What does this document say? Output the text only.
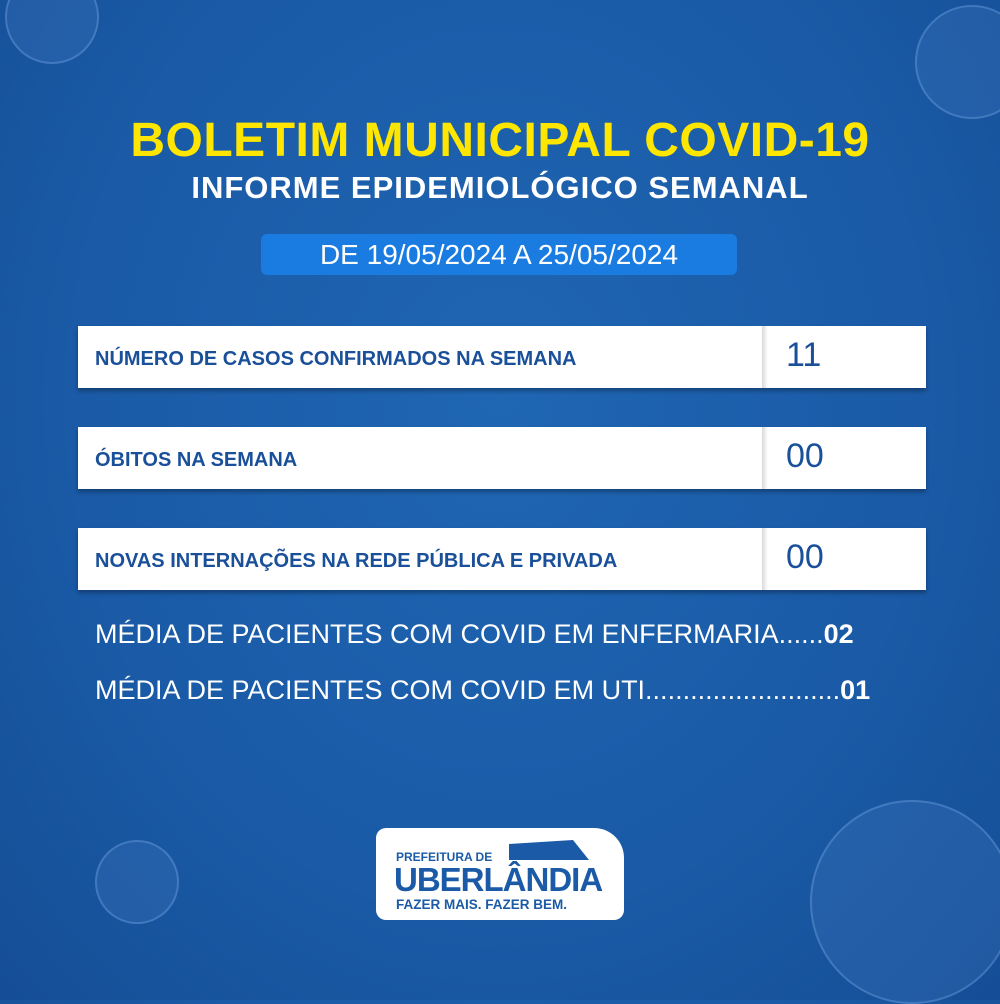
BOLETIM MUNICIPAL COVID-19
INFORME EPIDEMIOLÓGICO SEMANAL
DE 19/05/2024 A 25/05/2024
NÚMERO DE CASOS CONFIRMADOS NA SEMANA	11
ÓBITOS NA SEMANA	00
NOVAS INTERNAÇÕES NA REDE PÚBLICA E PRIVADA	00
MÉDIA DE PACIENTES COM COVID EM ENFERMARIA......02
MÉDIA DE PACIENTES COM COVID EM UTI..........................01
PREFEITURA DE
UBERLÂNDIA
FAZER MAIS. FAZER BEM.
